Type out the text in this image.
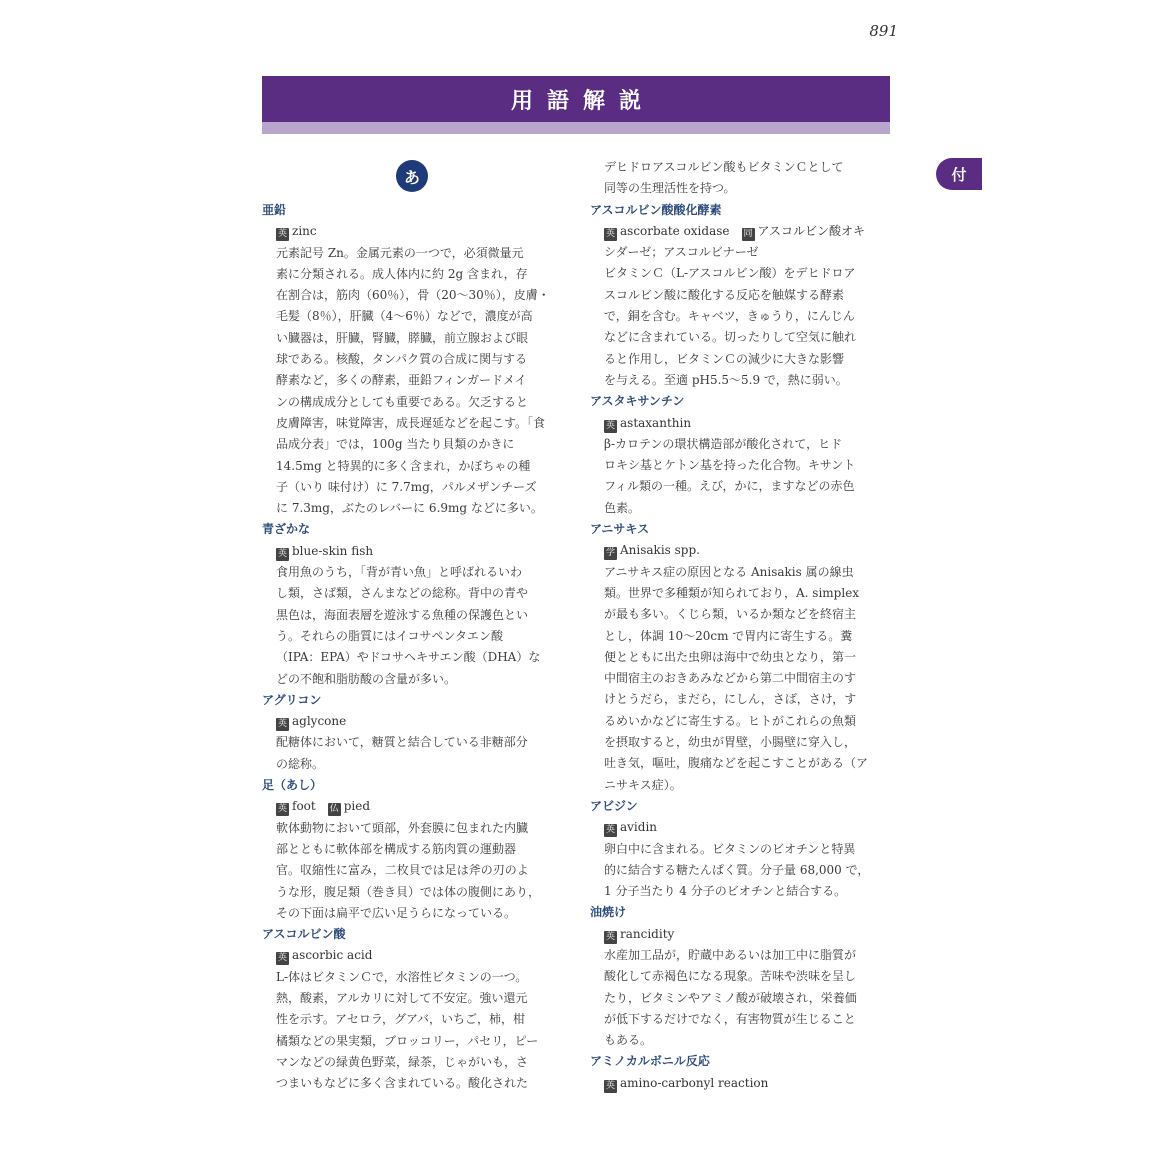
891
用語解説
付
あ
亜鉛
英 zinc
元素記号 Zn。金属元素の一つで，必須微量元
素に分類される。成人体内に約 2g 含まれ，存
在割合は，筋肉（60％），骨（20～30％），皮膚・
毛髪（8％），肝臓（4～6％）などで，濃度が高
い臓器は，肝臓，腎臓，膵臓，前立腺および眼
球である。核酸，タンパク質の合成に関与する
酵素など，多くの酵素，亜鉛フィンガードメイ
ンの構成成分としても重要である。欠乏すると
皮膚障害，味覚障害，成長遅延などを起こす。「食
品成分表」では，100g 当たり貝類のかきに
14.5mg と特異的に多く含まれ，かぼちゃの種
子（いり 味付け）に 7.7mg，パルメザンチーズ
に 7.3mg，ぶたのレバーに 6.9mg などに多い。
青ざかな
英 blue-skin fish
食用魚のうち，「背が青い魚」と呼ばれるいわ
し類，さば類，さんまなどの総称。背中の青や
黒色は，海面表層を遊泳する魚種の保護色とい
う。それらの脂質にはイコサペンタエン酸
（IPA：EPA）やドコサヘキサエン酸（DHA）な
どの不飽和脂肪酸の含量が多い。
アグリコン
英 aglycone
配糖体において，糖質と結合している非糖部分
の総称。
足（あし）
英 foot 仏 pied
軟体動物において頭部，外套膜に包まれた内臓
部とともに軟体部を構成する筋肉質の運動器
官。収縮性に富み，二枚貝では足は斧の刃のよ
うな形，腹足類（巻き貝）では体の腹側にあり，
その下面は扁平で広い足うらになっている。
アスコルビン酸
英 ascorbic acid
L-体はビタミンＣで，水溶性ビタミンの一つ。
熱，酸素，アルカリに対して不安定。強い還元
性を示す。アセロラ，グアバ，いちご，柿，柑
橘類などの果実類，ブロッコリー，パセリ，ピー
マンなどの緑黄色野菜，緑茶，じゃがいも，さ
つまいもなどに多く含まれている。酸化された
デヒドロアスコルビン酸もビタミンＣとして
同等の生理活性を持つ。
アスコルビン酸酸化酵素
英 ascorbate oxidase 同 アスコルビン酸オキ
シダーゼ；アスコルビナーゼ
ビタミンＣ（L-アスコルビン酸）をデヒドロア
スコルビン酸に酸化する反応を触媒する酵素
で，銅を含む。キャベツ，きゅうり，にんじん
などに含まれている。切ったりして空気に触れ
ると作用し，ビタミンＣの減少に大きな影響
を与える。至適 pH5.5～5.9 で，熱に弱い。
アスタキサンチン
英 astaxanthin
β-カロテンの環状構造部が酸化されて，ヒド
ロキシ基とケトン基を持った化合物。キサント
フィル類の一種。えび，かに，ますなどの赤色
色素。
アニサキス
学 Anisakis spp.
アニサキス症の原因となる Anisakis 属の線虫
類。世界で多種類が知られており，A. simplex
が最も多い。くじら類，いるか類などを終宿主
とし，体調 10～20cm で胃内に寄生する。糞
便とともに出た虫卵は海中で幼虫となり，第一
中間宿主のおきあみなどから第二中間宿主のす
けとうだら，まだら，にしん，さば，さけ，す
るめいかなどに寄生する。ヒトがこれらの魚類
を摂取すると，幼虫が胃壁，小腸壁に穿入し，
吐き気，嘔吐，腹痛などを起こすことがある（ア
ニサキス症）。
アビジン
英 avidin
卵白中に含まれる。ビタミンのビオチンと特異
的に結合する糖たんぱく質。分子量 68,000 で，
1 分子当たり 4 分子のビオチンと結合する。
油焼け
英 rancidity
水産加工品が，貯蔵中あるいは加工中に脂質が
酸化して赤褐色になる現象。苦味や渋味を呈し
たり，ビタミンやアミノ酸が破壊され，栄養価
が低下するだけでなく，有害物質が生じること
もある。
アミノカルボニル反応
英 amino-carbonyl reaction
